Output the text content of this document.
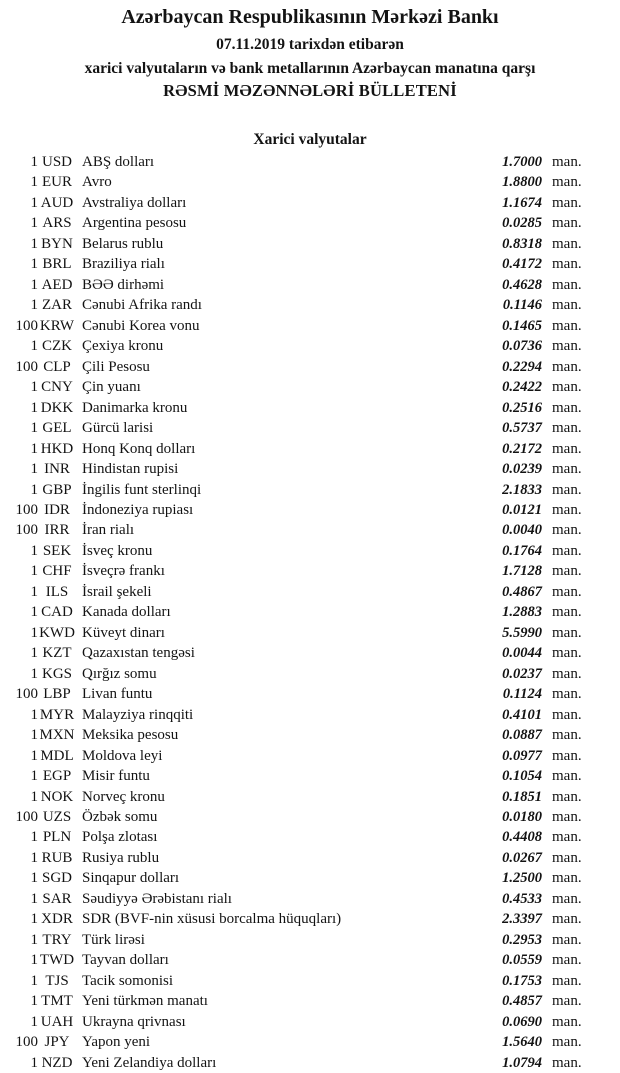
Azərbaycan Respublikasının Mərkəzi Bankı
07.11.2019 tarixdən etibarən
xarici valyutaların və bank metallarının Azərbaycan manatına qarşı
RƏSMİ MƏZƏNNƏLƏRİ BÜLLETENİ
Xarici valyutalar
1 USD ABŞ dolları	1.7000 man.
1 EUR Avro	1.8800 man.
1 AUD Avstraliya dolları	1.1674 man.
1 ARS Argentina pesosu	0.0285 man.
1 BYN Belarus rublu	0.8318 man.
1 BRL Braziliya rialı	0.4172 man.
1 AED BƏƏ dirhəmi	0.4628 man.
1 ZAR Cənubi Afrika randı	0.1146 man.
100 KRW Cənubi Korea vonu	0.1465 man.
1 CZK Çexiya kronu	0.0736 man.
100 CLP Çili Pesosu	0.2294 man.
1 CNY Çin yuanı	0.2422 man.
1 DKK Danimarka kronu	0.2516 man.
1 GEL Gürcü larisi	0.5737 man.
1 HKD Honq Konq dolları	0.2172 man.
1 INR Hindistan rupisi	0.0239 man.
1 GBP İngilis funt sterlinqi	2.1833 man.
100 IDR İndoneziya rupiası	0.0121 man.
100 IRR İran rialı	0.0040 man.
1 SEK İsveç kronu	0.1764 man.
1 CHF İsveçrə frankı	1.7128 man.
1 ILS İsrail şekeli	0.4867 man.
1 CAD Kanada dolları	1.2883 man.
1 KWD Küveyt dinarı	5.5990 man.
1 KZT Qazaxıstan tengəsi	0.0044 man.
1 KGS Qırğız somu	0.0237 man.
100 LBP Livan funtu	0.1124 man.
1 MYR Malayziya rinqqiti	0.4101 man.
1 MXN Meksika pesosu	0.0887 man.
1 MDL Moldova leyi	0.0977 man.
1 EGP Misir funtu	0.1054 man.
1 NOK Norveç kronu	0.1851 man.
100 UZS Özbək somu	0.0180 man.
1 PLN Polşa zlotası	0.4408 man.
1 RUB Rusiya rublu	0.0267 man.
1 SGD Sinqapur dolları	1.2500 man.
1 SAR Səudiyyə Ərəbistanı rialı	0.4533 man.
1 XDR SDR (BVF-nin xüsusi borcalma hüquqları)	2.3397 man.
1 TRY Türk lirəsi	0.2953 man.
1 TWD Tayvan dolları	0.0559 man.
1 TJS Tacik somonisi	0.1753 man.
1 TMT Yeni türkmən manatı	0.4857 man.
1 UAH Ukrayna qrivnası	0.0690 man.
100 JPY Yapon yeni	1.5640 man.
1 NZD Yeni Zelandiya dolları	1.0794 man.
